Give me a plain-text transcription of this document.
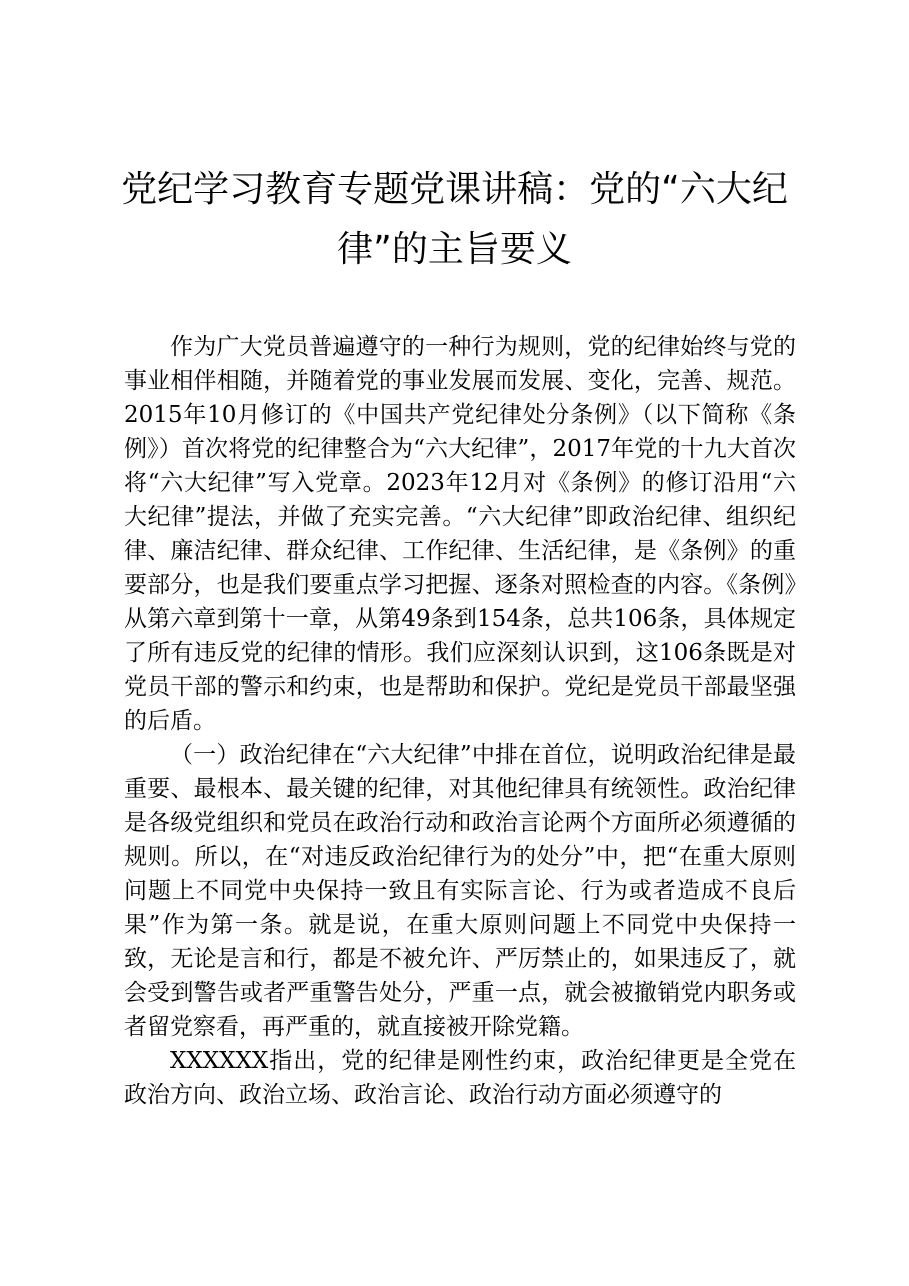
党纪学习教育专题党课讲稿：党的“六大纪
律”的主旨要义

作为广大党员普遍遵守的一种行为规则，党的纪律始终与党的事业相伴相随，并随着党的事业发展而发展、变化，完善、规范。2015年10月修订的《中国共产党纪律处分条例》（以下简称《条例》）首次将党的纪律整合为“六大纪律”，2017年党的十九大首次将“六大纪律”写入党章。2023年12月对《条例》的修订沿用“六大纪律”提法，并做了充实完善。“六大纪律”即政治纪律、组织纪律、廉洁纪律、群众纪律、工作纪律、生活纪律，是《条例》的重要部分，也是我们要重点学习把握、逐条对照检查的内容。《条例》从第六章到第十一章，从第49条到154条，总共106条，具体规定了所有违反党的纪律的情形。我们应深刻认识到，这106条既是对党员干部的警示和约束，也是帮助和保护。党纪是党员干部最坚强的后盾。

（一）政治纪律在“六大纪律”中排在首位，说明政治纪律是最重要、最根本、最关键的纪律，对其他纪律具有统领性。政治纪律是各级党组织和党员在政治行动和政治言论两个方面所必须遵循的规则。所以，在“对违反政治纪律行为的处分”中，把“在重大原则问题上不同党中央保持一致且有实际言论、行为或者造成不良后果”作为第一条。就是说，在重大原则问题上不同党中央保持一致，无论是言和行，都是不被允许、严厉禁止的，如果违反了，就会受到警告或者严重警告处分，严重一点，就会被撤销党内职务或者留党察看，再严重的，就直接被开除党籍。

XXXXXX指出，党的纪律是刚性约束，政治纪律更是全党在政治方向、政治立场、政治言论、政治行动方面必须遵守的
